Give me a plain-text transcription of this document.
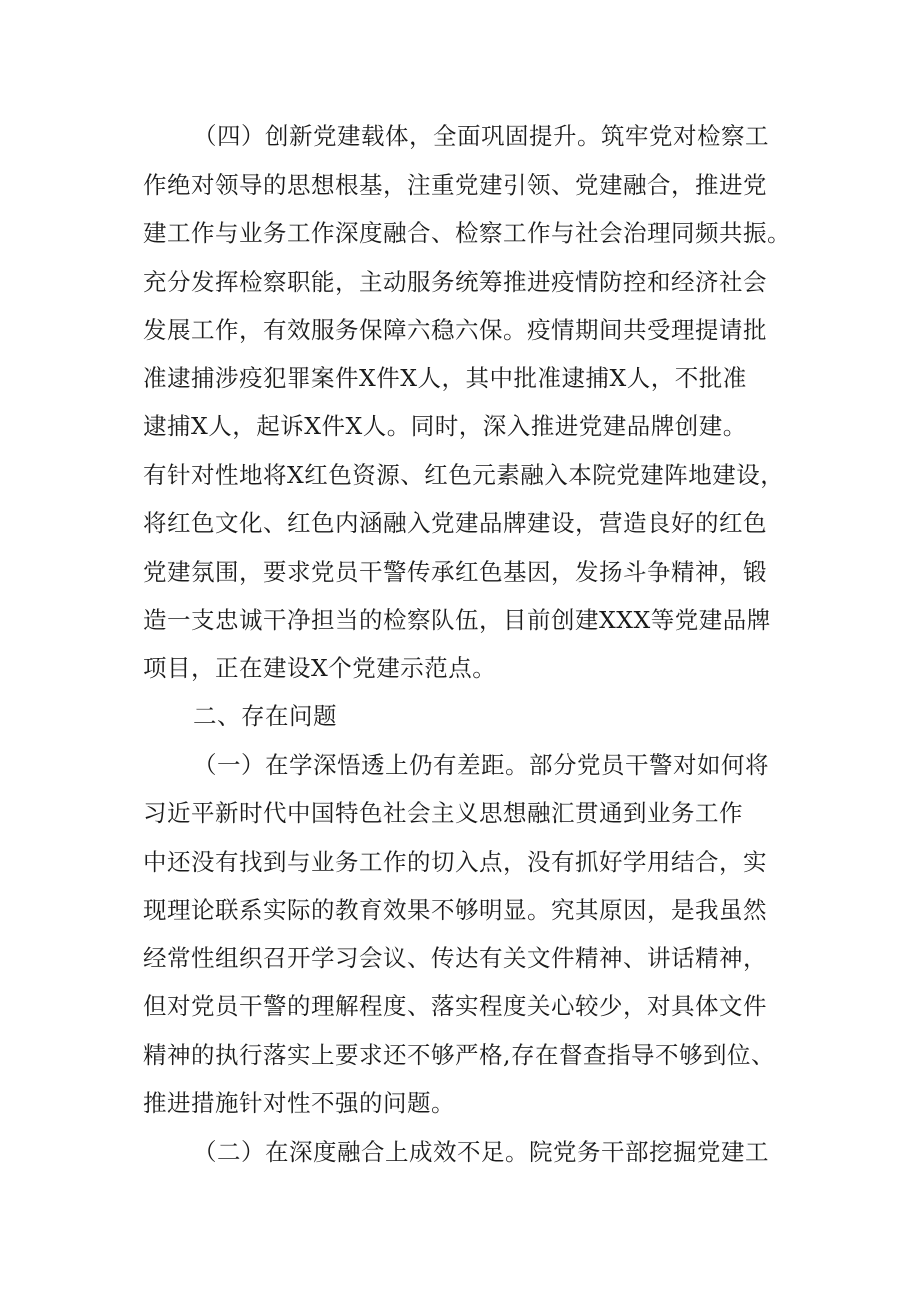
（四）创新党建载体，全面巩固提升。筑牢党对检察工
作绝对领导的思想根基，注重党建引领、党建融合，推进党
建工作与业务工作深度融合、检察工作与社会治理同频共振。
充分发挥检察职能，主动服务统筹推进疫情防控和经济社会
发展工作，有效服务保障六稳六保。疫情期间共受理提请批
准逮捕涉疫犯罪案件X件X人，其中批准逮捕X人，不批准
逮捕X人，起诉X件X人。同时，深入推进党建品牌创建。
有针对性地将X红色资源、红色元素融入本院党建阵地建设，
将红色文化、红色内涵融入党建品牌建设，营造良好的红色
党建氛围，要求党员干警传承红色基因，发扬斗争精神，锻
造一支忠诚干净担当的检察队伍，目前创建XXX等党建品牌
项目，正在建设X个党建示范点。
二、存在问题
（一）在学深悟透上仍有差距。部分党员干警对如何将
习近平新时代中国特色社会主义思想融汇贯通到业务工作
中还没有找到与业务工作的切入点，没有抓好学用结合，实
现理论联系实际的教育效果不够明显。究其原因，是我虽然
经常性组织召开学习会议、传达有关文件精神、讲话精神，
但对党员干警的理解程度、落实程度关心较少，对具体文件
精神的执行落实上要求还不够严格,存在督查指导不够到位、
推进措施针对性不强的问题。
（二）在深度融合上成效不足。院党务干部挖掘党建工
